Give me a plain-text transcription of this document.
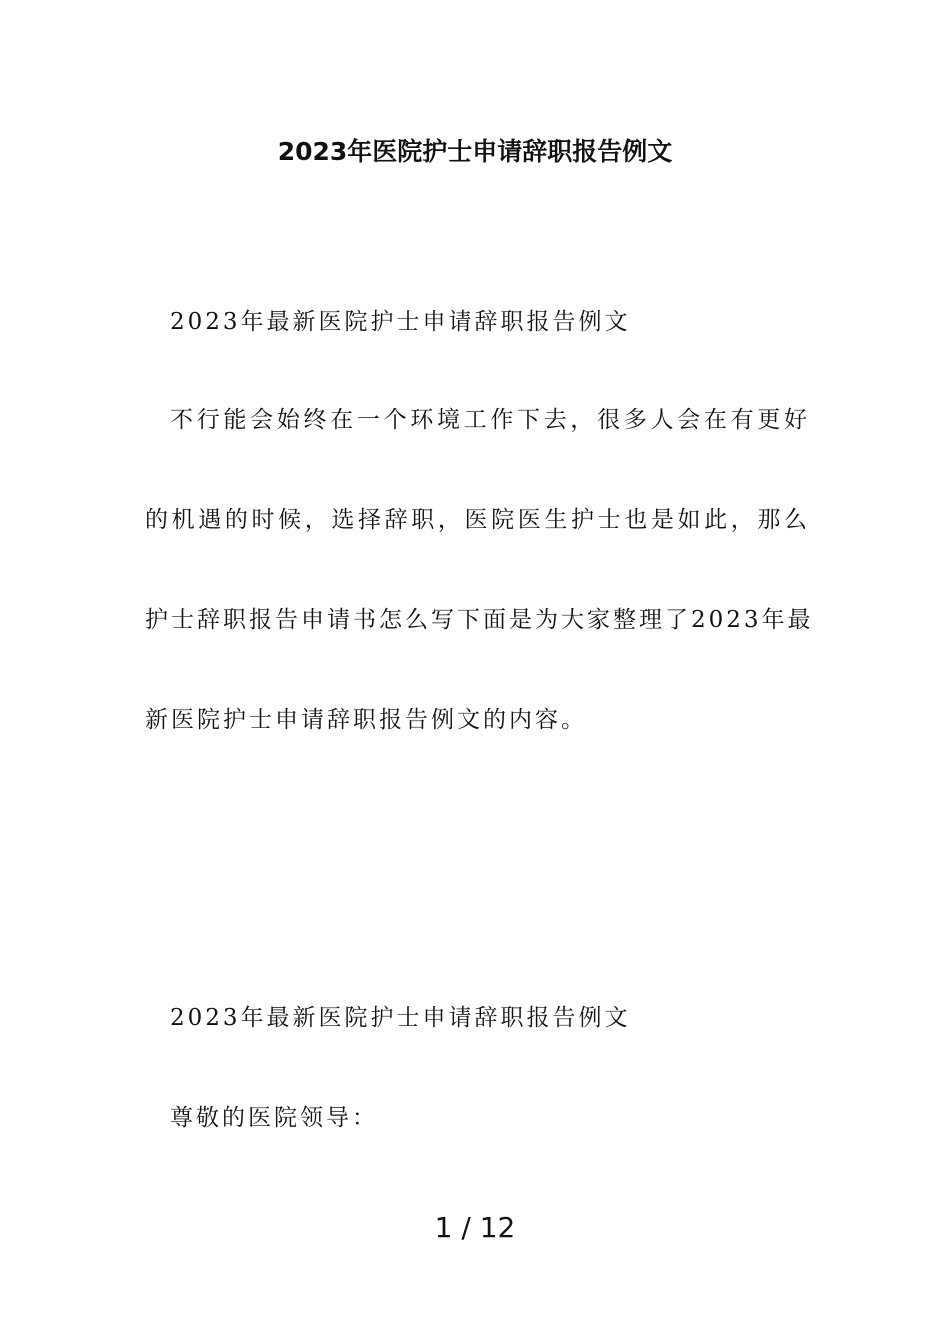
2023年医院护士申请辞职报告例文

2023年最新医院护士申请辞职报告例文

不行能会始终在一个环境工作下去，很多人会在有更好

的机遇的时候，选择辞职，医院医生护士也是如此，那么

护士辞职报告申请书怎么写下面是为大家整理了2023年最

新医院护士申请辞职报告例文的内容。

2023年最新医院护士申请辞职报告例文

尊敬的医院领导：

1 / 12
